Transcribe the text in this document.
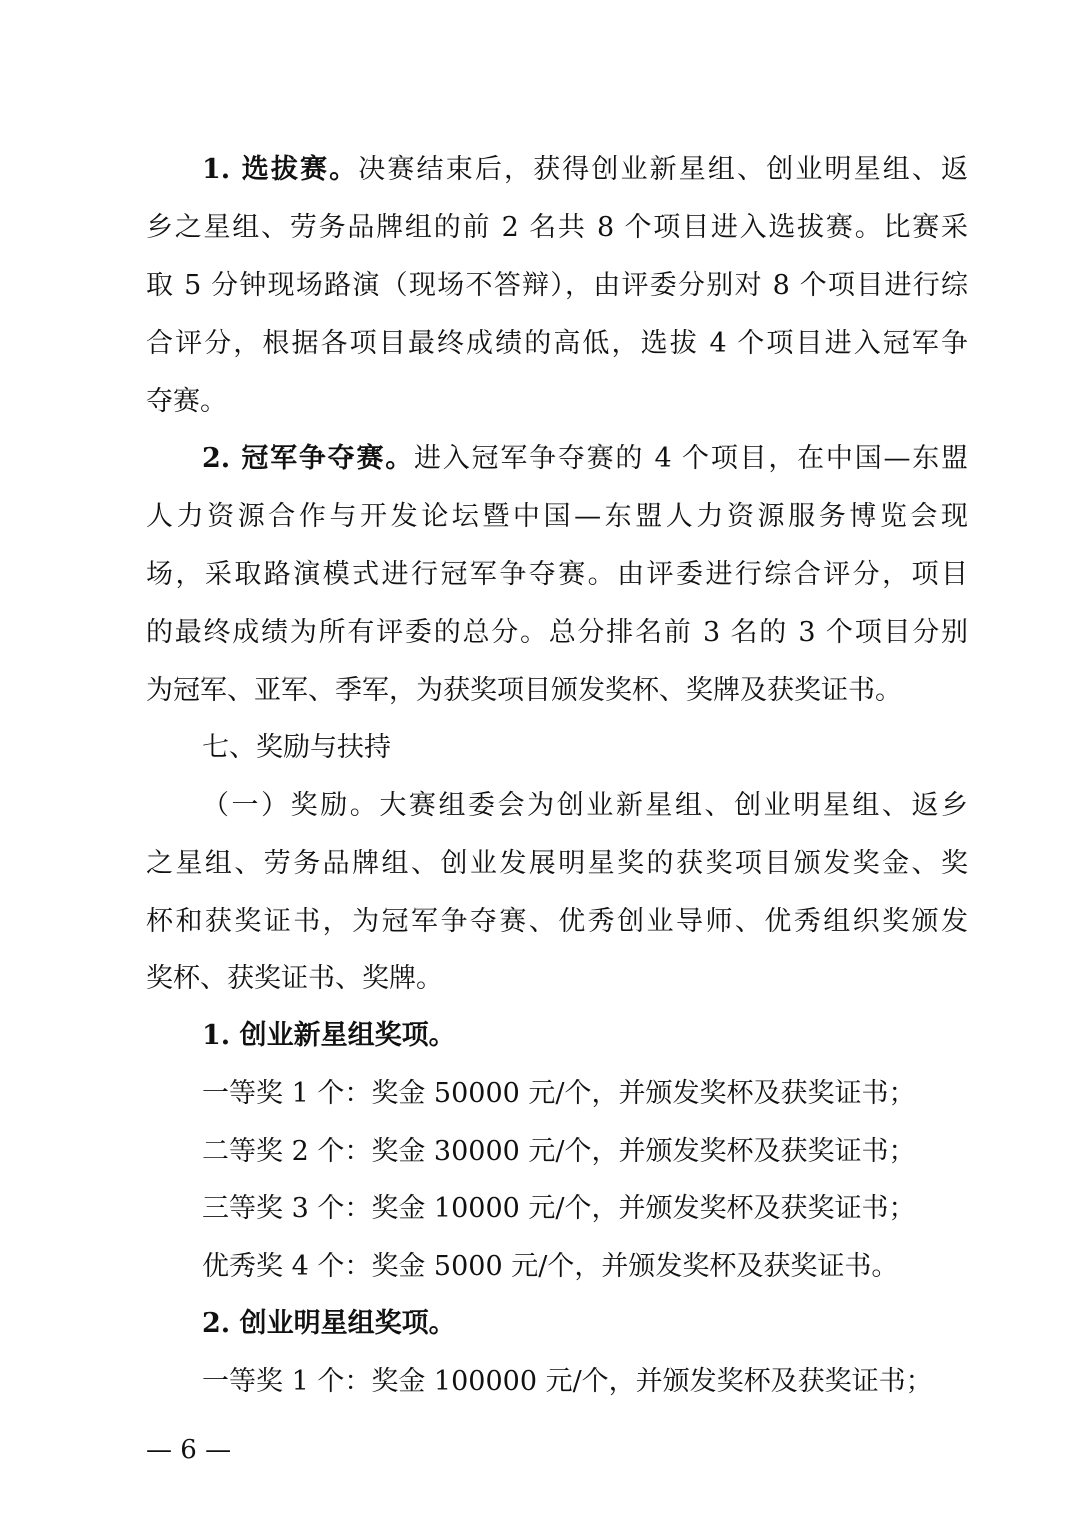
1. 选拔赛。决赛结束后，获得创业新星组、创业明星组、返
乡之星组、劳务品牌组的前 2 名共 8 个项目进入选拔赛。比赛采
取 5 分钟现场路演（现场不答辩），由评委分别对 8 个项目进行综
合评分，根据各项目最终成绩的高低，选拔 4 个项目进入冠军争
夺赛。
2. 冠军争夺赛。进入冠军争夺赛的 4 个项目，在中国—东盟
人力资源合作与开发论坛暨中国—东盟人力资源服务博览会现
场，采取路演模式进行冠军争夺赛。由评委进行综合评分，项目
的最终成绩为所有评委的总分。总分排名前 3 名的 3 个项目分别
为冠军、亚军、季军，为获奖项目颁发奖杯、奖牌及获奖证书。
七、奖励与扶持
（一）奖励。大赛组委会为创业新星组、创业明星组、返乡
之星组、劳务品牌组、创业发展明星奖的获奖项目颁发奖金、奖
杯和获奖证书，为冠军争夺赛、优秀创业导师、优秀组织奖颁发
奖杯、获奖证书、奖牌。
1. 创业新星组奖项。
一等奖 1 个：奖金 50000 元/个，并颁发奖杯及获奖证书；
二等奖 2 个：奖金 30000 元/个，并颁发奖杯及获奖证书；
三等奖 3 个：奖金 10000 元/个，并颁发奖杯及获奖证书；
优秀奖 4 个：奖金 5000 元/个，并颁发奖杯及获奖证书。
2. 创业明星组奖项。
一等奖 1 个：奖金 100000 元/个，并颁发奖杯及获奖证书；
— 6 —
